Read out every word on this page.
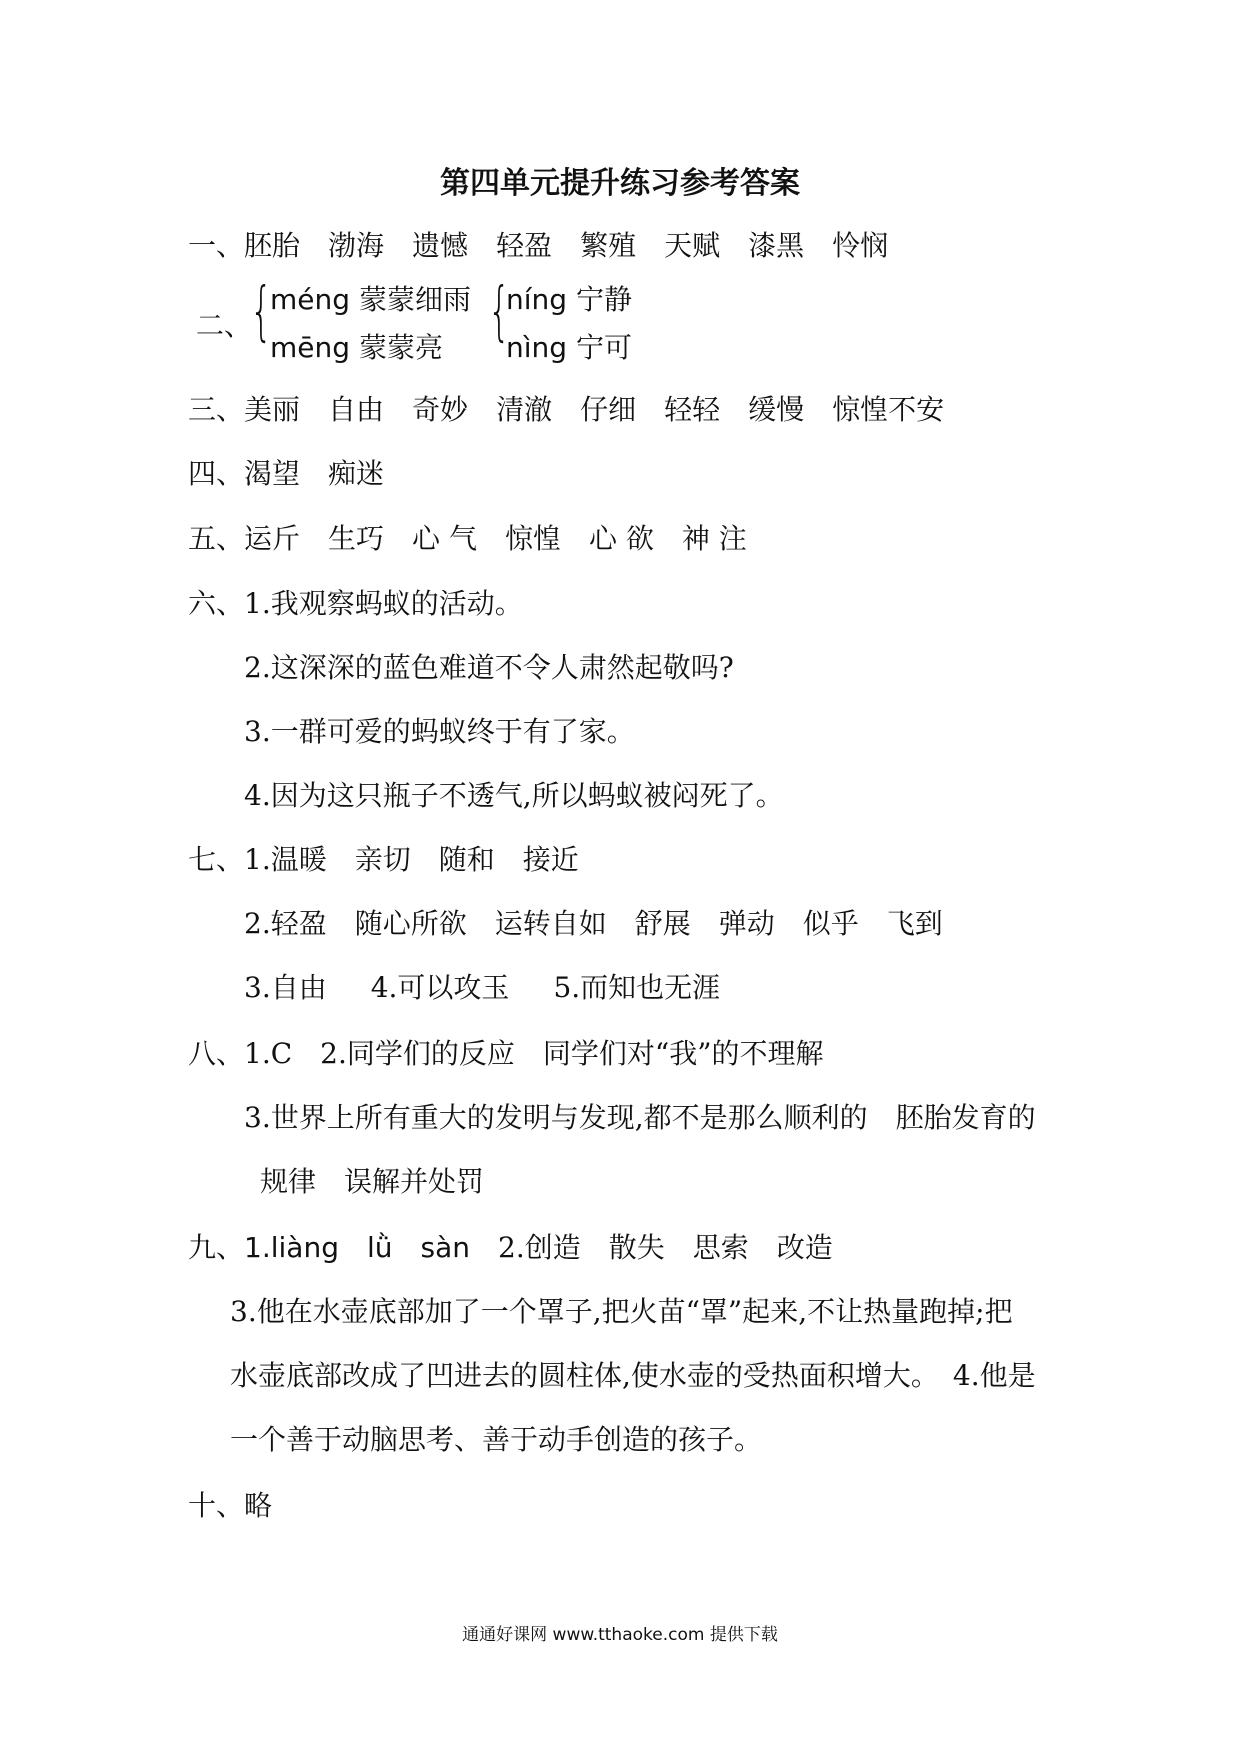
第四单元提升练习参考答案
一、胚胎 渤海 遗憾 轻盈 繁殖 天赋 漆黑 怜悯
二、
{
méng 蒙蒙细雨
mēng 蒙蒙亮 {
níng 宁静
nìng 宁可
三、美丽 自由 奇妙 清澈 仔细 轻轻 缓慢 惊惶不安
四、渴望 痴迷
五、运斤 生巧 心 气 惊惶 心 欲 神 注
六、1.我观察蚂蚁的活动。
2.这深深的蓝色难道不令人肃然起敬吗?
3.一群可爱的蚂蚁终于有了家。
4.因为这只瓶子不透气,所以蚂蚁被闷死了。
七、1.温暖 亲切 随和 接近
2.轻盈 随心所欲 运转自如 舒展 弹动 似乎 飞到
3.自由 4.可以攻玉 5.而知也无涯
八、1.C 2.同学们的反应 同学们对“我”的不理解
3.世界上所有重大的发明与发现,都不是那么顺利的　胚胎发育的
规律　误解并处罚
九、1.liàng　lǜ　sàn 2.创造 散失 思索 改造
3.他在水壶底部加了一个罩子,把火苗“罩”起来,不让热量跑掉;把
水壶底部改成了凹进去的圆柱体,使水壶的受热面积增大。　4.他是
一个善于动脑思考、善于动手创造的孩子。
十、略
通通好课网 www.tthaoke.com 提供下载
